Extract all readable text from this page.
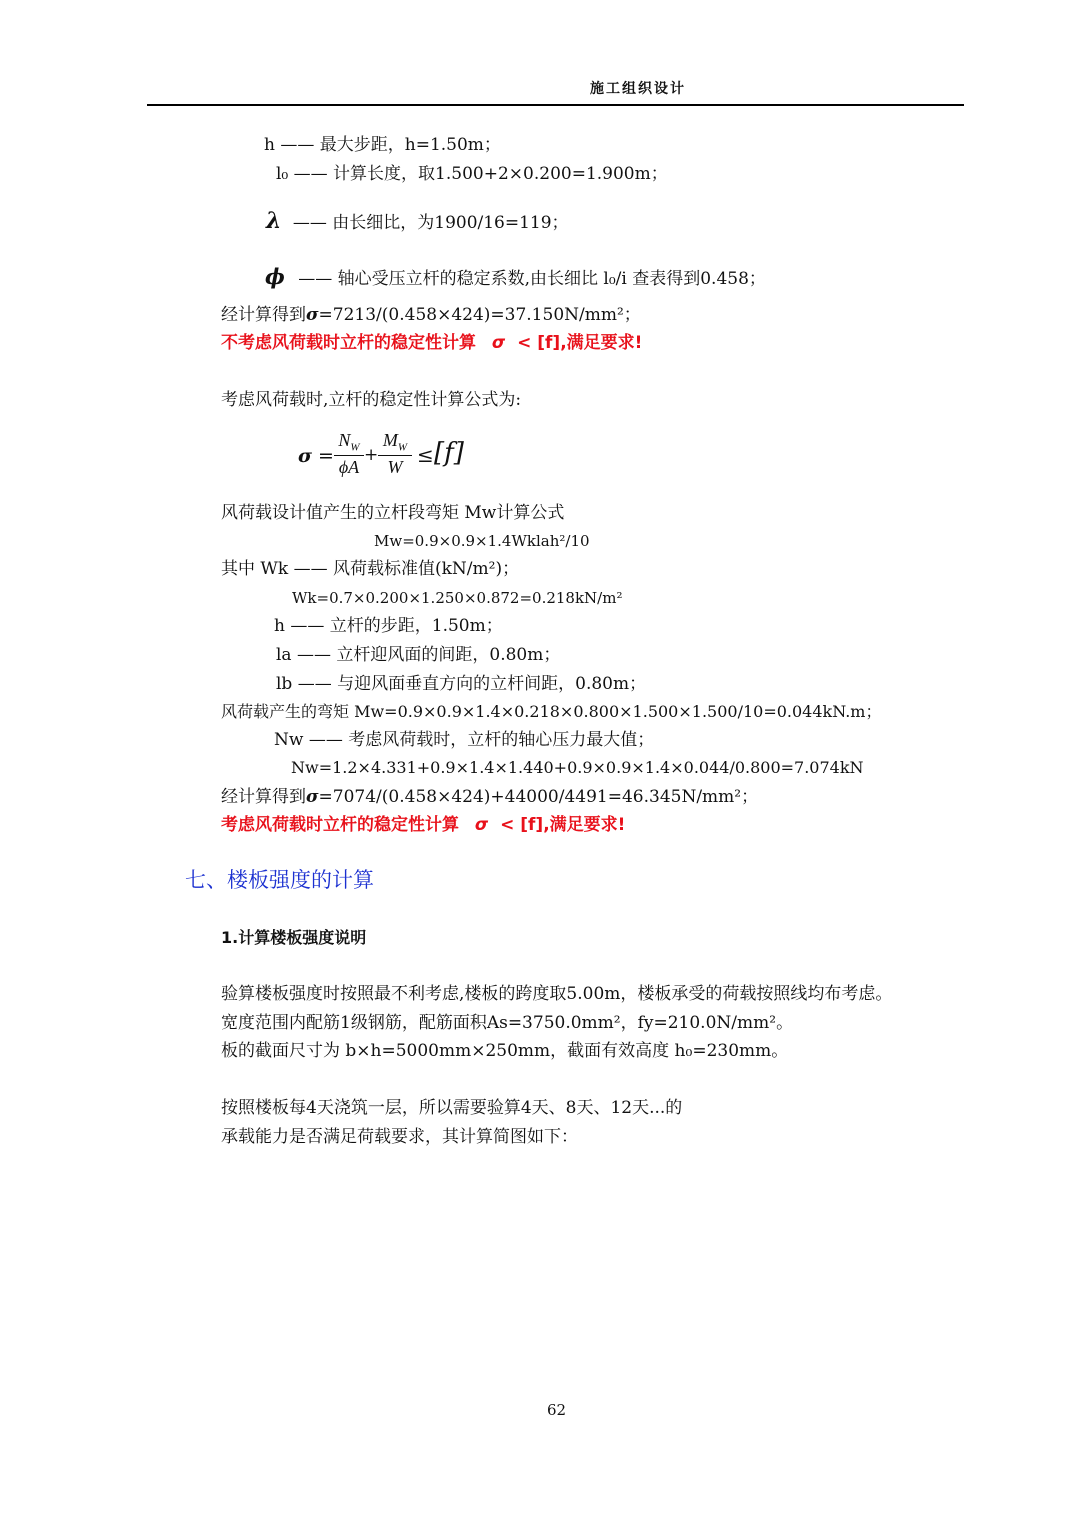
施工组织设计
h —— 最大步距，h=1.50m；
l₀ —— 计算长度，取1.500+2×0.200=1.900m；
λ —— 由长细比，为1900/16=119；
ϕ —— 轴心受压立杆的稳定系数,由长细比 l₀/i 查表得到0.458；
经计算得到σ=7213/(0.458×424)=37.150N/mm²；
不考虑风荷载时立杆的稳定性计算 σ < [f],满足要求!
考虑风荷载时,立杆的稳定性计算公式为:
$\sigma = \frac{N_W}{\phi A} + \frac{M_W}{W} \le [f]$
风荷载设计值产生的立杆段弯矩 Mw计算公式
Mw=0.9×0.9×1.4Wklah²/10
其中 Wk —— 风荷载标准值(kN/m²)；
Wk=0.7×0.200×1.250×0.872=0.218kN/m²
h —— 立杆的步距，1.50m；
la —— 立杆迎风面的间距，0.80m；
lb —— 与迎风面垂直方向的立杆间距，0.80m；
风荷载产生的弯矩 Mw=0.9×0.9×1.4×0.218×0.800×1.500×1.500/10=0.044kN.m；
Nw —— 考虑风荷载时，立杆的轴心压力最大值；
Nw=1.2×4.331+0.9×1.4×1.440+0.9×0.9×1.4×0.044/0.800=7.074kN
经计算得到σ=7074/(0.458×424)+44000/4491=46.345N/mm²；
考虑风荷载时立杆的稳定性计算 σ < [f],满足要求!
七、楼板强度的计算
1.计算楼板强度说明
验算楼板强度时按照最不利考虑,楼板的跨度取5.00m，楼板承受的荷载按照线均布考虑。
宽度范围内配筋1级钢筋，配筋面积As=3750.0mm²，fy=210.0N/mm²。
板的截面尺寸为 b×h=5000mm×250mm，截面有效高度 h₀=230mm。
按照楼板每4天浇筑一层，所以需要验算4天、8天、12天...的
承载能力是否满足荷载要求，其计算简图如下：
62
